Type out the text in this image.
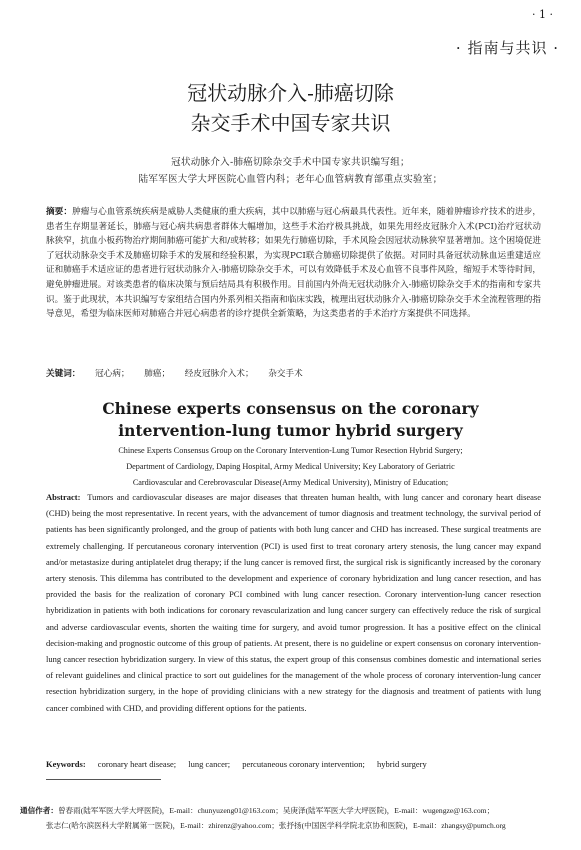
· 1 ·
· 指南与共识 ·
冠状动脉介入-肺癌切除
杂交手术中国专家共识
冠状动脉介入-肺癌切除杂交手术中国专家共识编写组；
陆军军医大学大坪医院心血管内科；老年心血管病教育部重点实验室；
摘要：肿瘤与心血管系统疾病是威胁人类健康的重大疾病，其中以肺癌与冠心病最具代表性。近年来，随着肿瘤诊疗技术的进步，患者生存期显著延长，肺癌与冠心病共病患者群体大幅增加，这些手术治疗极具挑战，如果先用经皮冠脉介入术(PCI)治疗冠状动脉狭窄，抗血小板药物治疗期间肺癌可能扩大和/或转移；如果先行肺癌切除，手术风险会因冠状动脉狭窄显著增加。这个困境促进了冠状动脉杂交手术及肺癌切除手术的发展和经验积累，为实现PCI联合肺癌切除提供了依据。对同时具备冠状动脉血运重建适应证和肺癌手术适应证的患者进行冠状动脉介入-肺癌切除杂交手术，可以有效降低手术及心血管不良事件风险，缩短手术等待时间，避免肿瘤进展。对该类患者的临床决策与预后结局具有积极作用。目前国内外尚无冠状动脉介入-肺癌切除杂交手术的指南和专家共识。鉴于此现状，本共识编写专家组结合国内外系列相关指南和临床实践，梳理出冠状动脉介入-肺癌切除杂交手术全流程管理的指导意见，希望为临床医师对肺癌合并冠心病患者的诊疗提供全新策略，为这类患者的手术治疗方案提供不同选择。
关键词： 冠心病； 肺癌； 经皮冠脉介入术； 杂交手术
Chinese experts consensus on the coronary
intervention-lung tumor hybrid surgery
Chinese Experts Consensus Group on the Coronary Intervention-Lung Tumor Resection Hybrid Surgery;
Department of Cardiology, Daping Hospital, Army Medical University; Key Laboratory of Geriatric
Cardiovascular and Cerebrovascular Disease(Army Medical University), Ministry of Education;
Abstract: Tumors and cardiovascular diseases are major diseases that threaten human health, with lung cancer and coronary heart disease (CHD) being the most representative. In recent years, with the advancement of tumor diagnosis and treatment technology, the survival period of patients has been significantly prolonged, and the group of patients with both lung cancer and CHD has increased. These surgical treatments are extremely challenging. If percutaneous coronary intervention (PCI) is used first to treat coronary artery stenosis, the lung cancer may expand and/or metastasize during antiplatelet drug therapy; if the lung cancer is removed first, the surgical risk is significantly increased by the coronary artery stenosis. This dilemma has contributed to the development and experience of coronary hybridization and lung cancer resection, and has provided the basis for the realization of coronary PCI combined with lung cancer resection. Coronary intervention-lung cancer resection hybridization in patients with both indications for coronary revascularization and lung cancer surgery can effectively reduce the risk of surgical and adverse cardiovascular events, shorten the waiting time for surgery, and avoid tumor progression. It has a positive effect on the clinical decision-making and prognostic outcome of this group of patients. At present, there is no guideline or expert consensus on coronary intervention-lung cancer resection hybridization surgery. In view of this status, the expert group of this consensus combines domestic and international series of relevant guidelines and clinical practice to sort out guidelines for the management of the whole process of coronary intervention-lung cancer resection hybridization surgery, in the hope of providing clinicians with a new strategy for the diagnosis and treatment of patients with lung cancer combined with CHD, and providing different options for the patients.
Keywords: coronary heart disease; lung cancer; percutaneous coronary intervention; hybrid surgery
通信作者：曾春雨(陆军军医大学大坪医院)，E-mail：chunyuzeng01@163.com；吴庚泽(陆军军医大学大坪医院)，E-mail：wugengze@163.com；
张志仁(哈尔滨医科大学附属第一医院)，E-mail：zhirenz@yahoo.com；张抒扬(中国医学科学院北京协和医院)，E-mail：zhangsy@pumch.org
